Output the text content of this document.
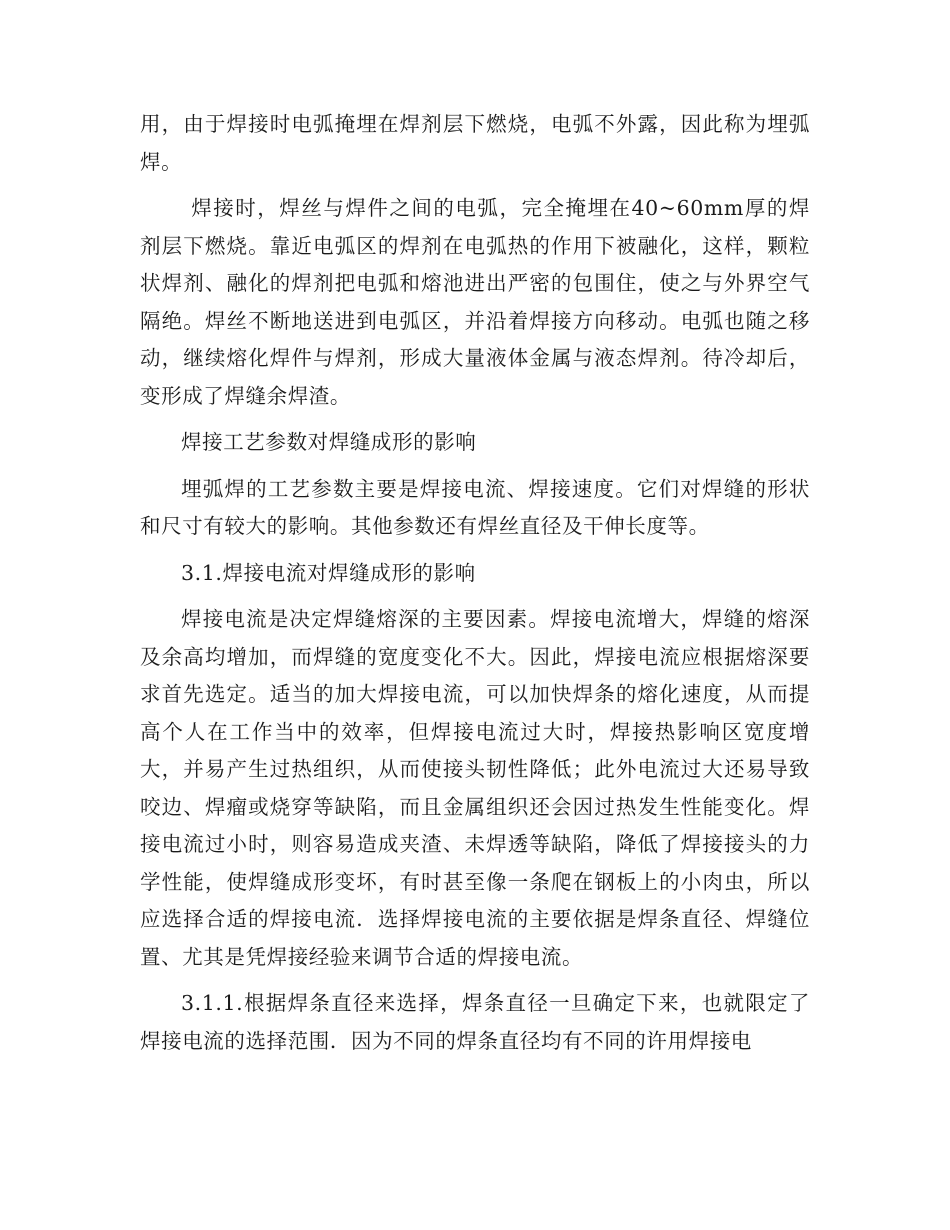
用，由于焊接时电弧掩埋在焊剂层下燃烧，电弧不外露，因此称为埋弧焊。

焊接时，焊丝与焊件之间的电弧，完全掩埋在40~60mm厚的焊剂层下燃烧。靠近电弧区的焊剂在电弧热的作用下被融化，这样，颗粒状焊剂、融化的焊剂把电弧和熔池进出严密的包围住，使之与外界空气隔绝。焊丝不断地送进到电弧区，并沿着焊接方向移动。电弧也随之移动，继续熔化焊件与焊剂，形成大量液体金属与液态焊剂。待冷却后，变形成了焊缝余焊渣。

焊接工艺参数对焊缝成形的影响

埋弧焊的工艺参数主要是焊接电流、焊接速度。它们对焊缝的形状和尺寸有较大的影响。其他参数还有焊丝直径及干伸长度等。

3.1.焊接电流对焊缝成形的影响

焊接电流是决定焊缝熔深的主要因素。焊接电流增大，焊缝的熔深及余高均增加，而焊缝的宽度变化不大。因此，焊接电流应根据熔深要求首先选定。适当的加大焊接电流，可以加快焊条的熔化速度，从而提高个人在工作当中的效率，但焊接电流过大时，焊接热影响区宽度增大，并易产生过热组织，从而使接头韧性降低；此外电流过大还易导致咬边、焊瘤或烧穿等缺陷，而且金属组织还会因过热发生性能变化。焊接电流过小时，则容易造成夹渣、未焊透等缺陷，降低了焊接接头的力学性能，使焊缝成形变坏，有时甚至像一条爬在钢板上的小肉虫，所以应选择合适的焊接电流．选择焊接电流的主要依据是焊条直径、焊缝位置、尤其是凭焊接经验来调节合适的焊接电流。

3.1.1.根据焊条直径来选择，焊条直径一旦确定下来，也就限定了焊接电流的选择范围．因为不同的焊条直径均有不同的许用焊接电
